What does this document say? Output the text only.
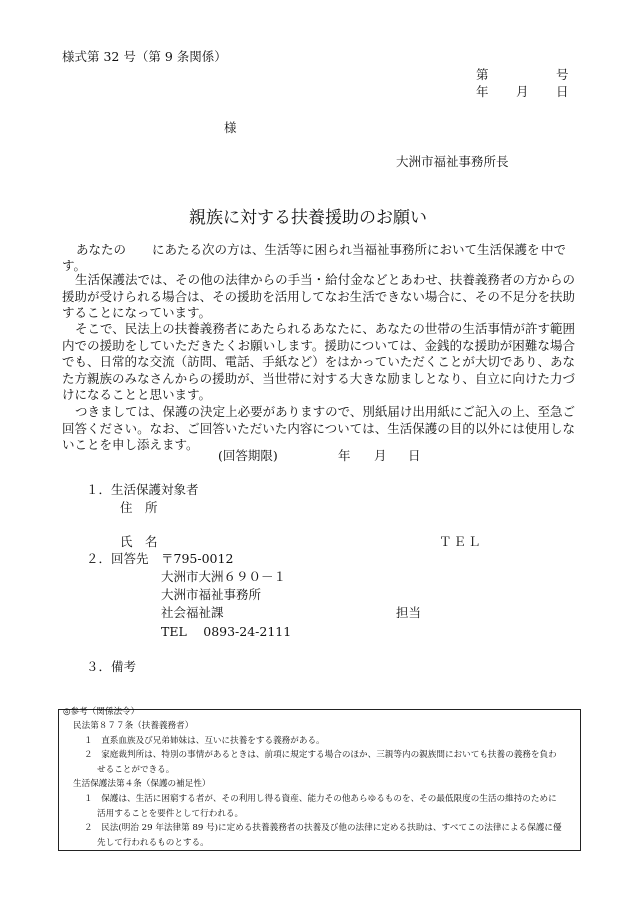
様式第 32 号（第 9 条関係）
第	号
年 月 日
様
大洲市福祉事務所長
親族に対する扶養援助のお願い
あなたの にあたる次の方は、生活等に困られ当福祉事務所において生活保護を 中で
す。
生活保護法では、その他の法律からの手当・給付金などとあわせ、扶養義務者の方からの援助が受けられる場合は、その援助を活用してなお生活できない場合に、その不足分を扶助することになっています。
そこで、民法上の扶養義務者にあたられるあなたに、あなたの世帯の生活事情が許す範囲内での援助をしていただきたくお願いします。援助については、金銭的な援助が困難な場合でも、日常的な交流（訪問、電話、手紙など）をはかっていただくことが大切であり、あなた方親族のみなさんからの援助が、当世帯に対する大きな励ましとなり、自立に向けた力づけになることと思います。
つきましては、保護の決定上必要がありますので、別紙届け出用紙にご記入の上、至急ご回答ください。なお、ご回答いただいた内容については、生活保護の目的以外には使用しないことを申し添えます。
(回答期限)	年 月 日
１．生活保護対象者
住　所
氏　名	ＴＥＬ
２．回答先 〒795-0012
大洲市大洲６９０－１
大洲市福祉事務所
社会福祉課	担当
TEL　 0893-24-2111
３．備考
◎参考（関係法令）
民法第８７７条（扶養義務者）
１　直系血族及び兄弟姉妹は、互いに扶養をする義務がある。
２　家庭裁判所は、特別の事情があるときは、前項に規定する場合のほか、三親等内の親族間においても扶養の義務を負わ
せることができる。
生活保護法第４条（保護の補足性）
１　保護は、生活に困窮する者が、その利用し得る資産、能力その他あらゆるものを、その最低限度の生活の維持のために
活用することを要件として行われる。
２　民法(明治 29 年法律第 89 号)に定める扶養義務者の扶養及び他の法律に定める扶助は、すべてこの法律による保護に優
先して行われるものとする。
